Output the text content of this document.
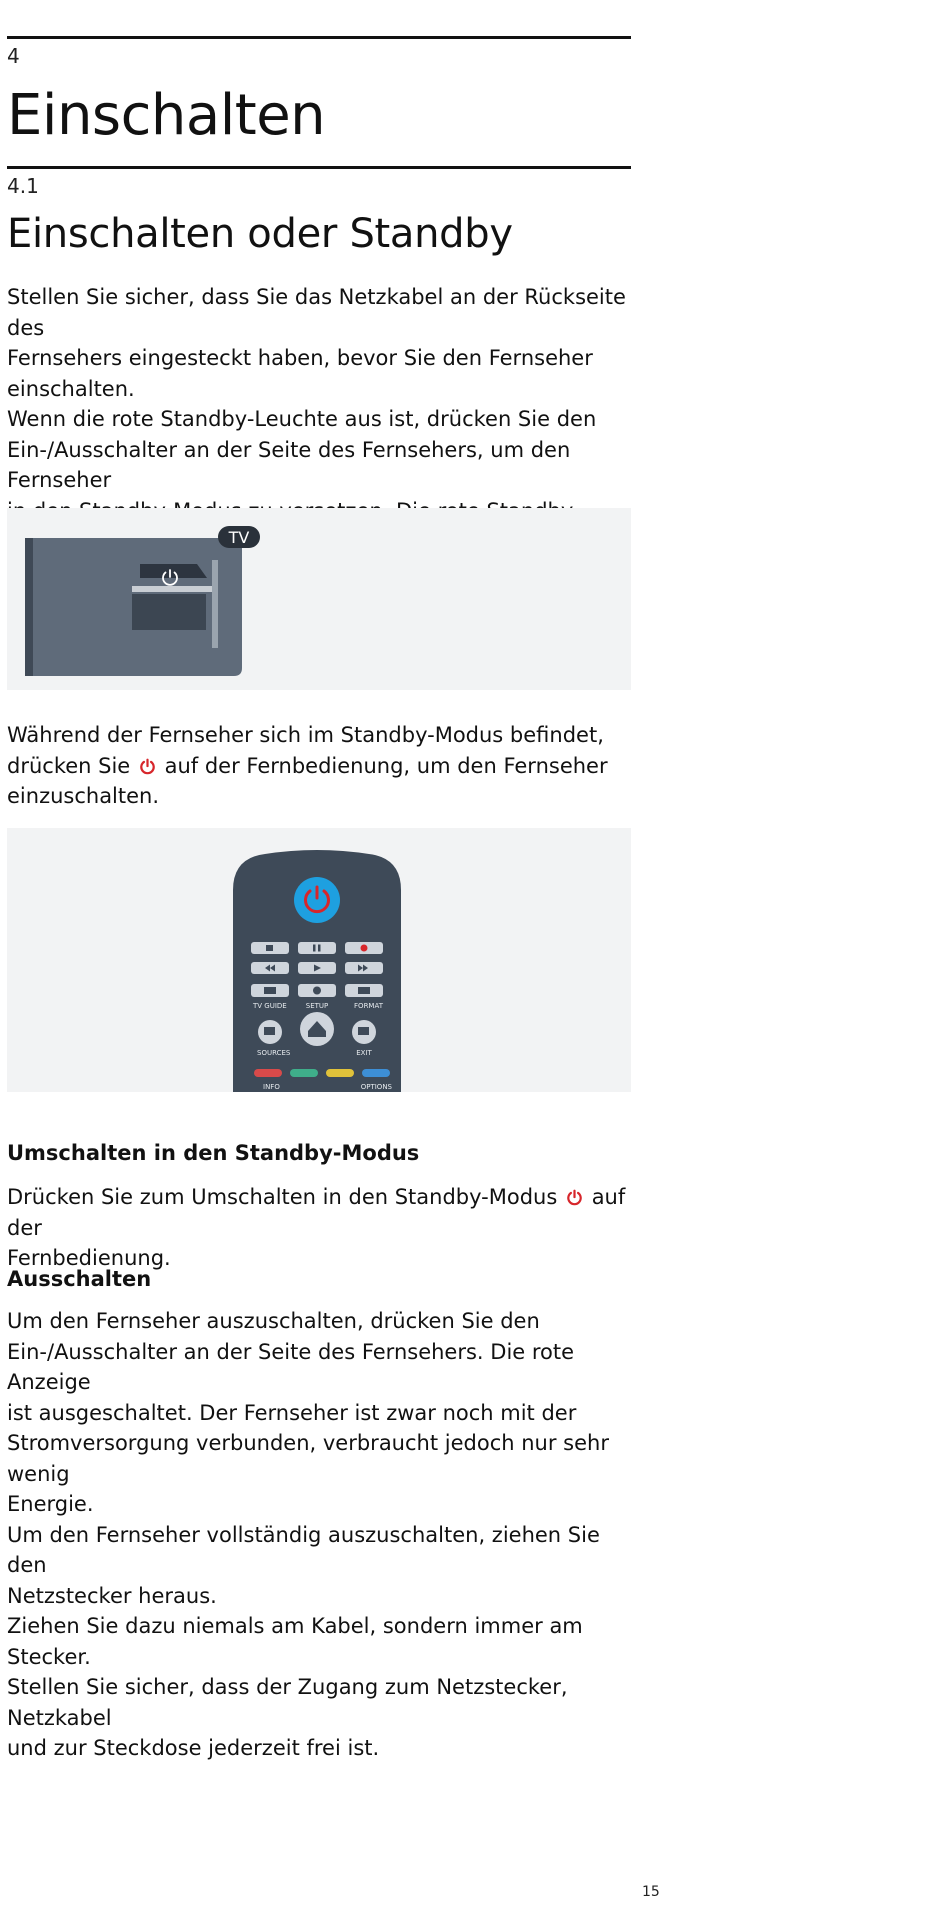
4
Einschalten
4.1
Einschalten oder Standby

Stellen Sie sicher, dass Sie das Netzkabel an der Rückseite des

Fernsehers eingesteckt haben, bevor Sie den Fernseher

einschalten.

Wenn die rote Standby-Leuchte aus ist, drücken Sie den

Ein-/Ausschalter an der Seite des Fernsehers, um den Fernseher

TV

Während der Fernseher sich im Standby-Modus befindet,

drücken Sie auf der Fernbedienung, um den Fernseher

einzuschalten.

TV GUIDE	SETUP	FORMAT
SOURCES	EXIT
INFO	OPTIONS
Umschalten in den Standby-Modus

Drücken Sie zum Umschalten in den Standby-Modus auf der

Fernbedienung.

Ausschalten

Um den Fernseher auszuschalten, drücken Sie den

Ein-/Ausschalter an der Seite des Fernsehers. Die rote Anzeige

ist ausgeschaltet. Der Fernseher ist zwar noch mit der

Stromversorgung verbunden, verbraucht jedoch nur sehr wenig

Energie.

Um den Fernseher vollständig auszuschalten, ziehen Sie den

Netzstecker heraus.

Ziehen Sie dazu niemals am Kabel, sondern immer am Stecker.

Stellen Sie sicher, dass der Zugang zum Netzstecker, Netzkabel

und zur Steckdose jederzeit frei ist.

15
